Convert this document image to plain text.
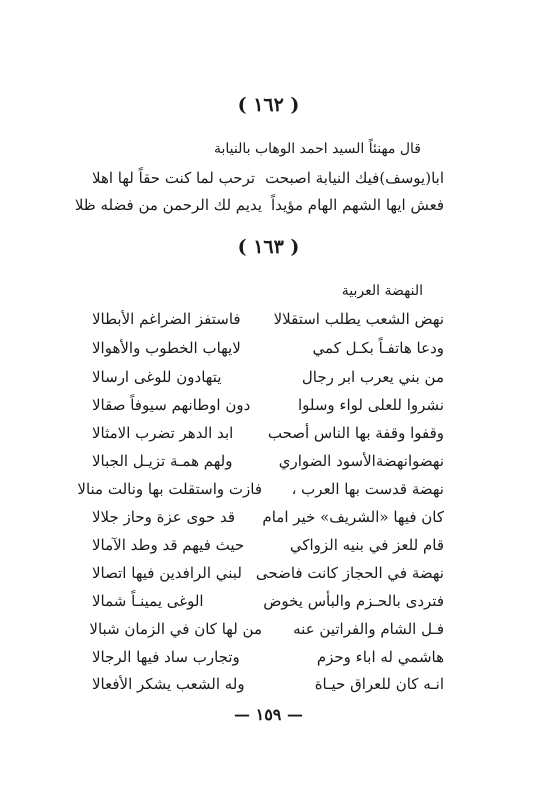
( ١٦٢ )
قال مهنئاً السيد احمد الوهاب بالنيابة
ابا(يوسف)فيك النيابة اصبحت
ترحب لما كنت حقاً لها اهلا
فعش ايها الشهم الهام مؤيداً
يديم لك الرحمن من فضله ظلا
( ١٦٣ )
النهضة العربية
نهض الشعب يطلب استقلالا
فاستفز الضراغم الأبطالا
ودعا هاتفـاً بكـل كمي
لايهاب الخطوب والأهوالا
من بني يعرب ابر رجال
يتهادون للوغى ارسالا
نشروا للعلى لواء وسلوا
دون اوطانهم سيوفاً صقالا
وقفوا وقفة بها الناس أصحب
ابد الدهر تضرب الامثالا
نهضوانهضةالأسود الضواري
ولهم همـة تزيـل الجبالا
نهضة قدست بها العرب ،
فازت واستقلت بها ونالت منالا
كان فيها «الشريف» خير امام
قد حوى عزة وحاز جلالا
قام للعز في بنيه الزواكي
حيث فيهم قد وطد الآمالا
نهضة في الحجاز كانت فاضحى
لبني الرافدين فيها اتصالا
فتردى بالحـزم والبأس يخوض
الوغى يمينـاً شمالا
فـل الشام والفراتين عنه
من لها كان في الزمان شبالا
هاشمي له اباء وحزم
وتجارب ساد فيها الرجالا
انـه كان للعراق حيـاة
وله الشعب يشكر الأفعالا
— ١٥٩ —
